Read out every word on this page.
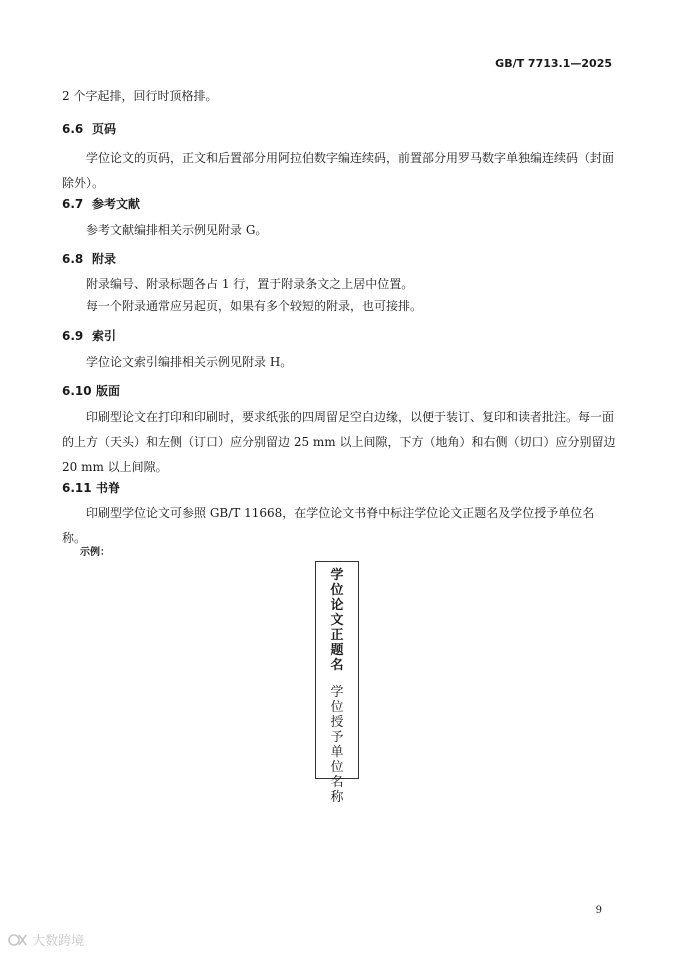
GB/T 7713.1—2025
2 个字起排，回行时顶格排。
6.6 页码
学位论文的页码，正文和后置部分用阿拉伯数字编连续码，前置部分用罗马数字单独编连续码（封面除外）。
6.7 参考文献
参考文献编排相关示例见附录 G。
6.8 附录
附录编号、附录标题各占 1 行，置于附录条文之上居中位置。
每一个附录通常应另起页，如果有多个较短的附录，也可接排。
6.9 索引
学位论文索引编排相关示例见附录 H。
6.10 版面
印刷型论文在打印和印刷时，要求纸张的四周留足空白边缘，以便于装订、复印和读者批注。每一面的上方（天头）和左侧（订口）应分别留边 25 mm 以上间隙，下方（地角）和右侧（切口）应分别留边 20 mm 以上间隙。
6.11 书脊
印刷型学位论文可参照 GB/T 11668，在学位论文书脊中标注学位论文正题名及学位授予单位名称。
示例：
学位论文正题名
学位授予单位名称
9
大数跨境
